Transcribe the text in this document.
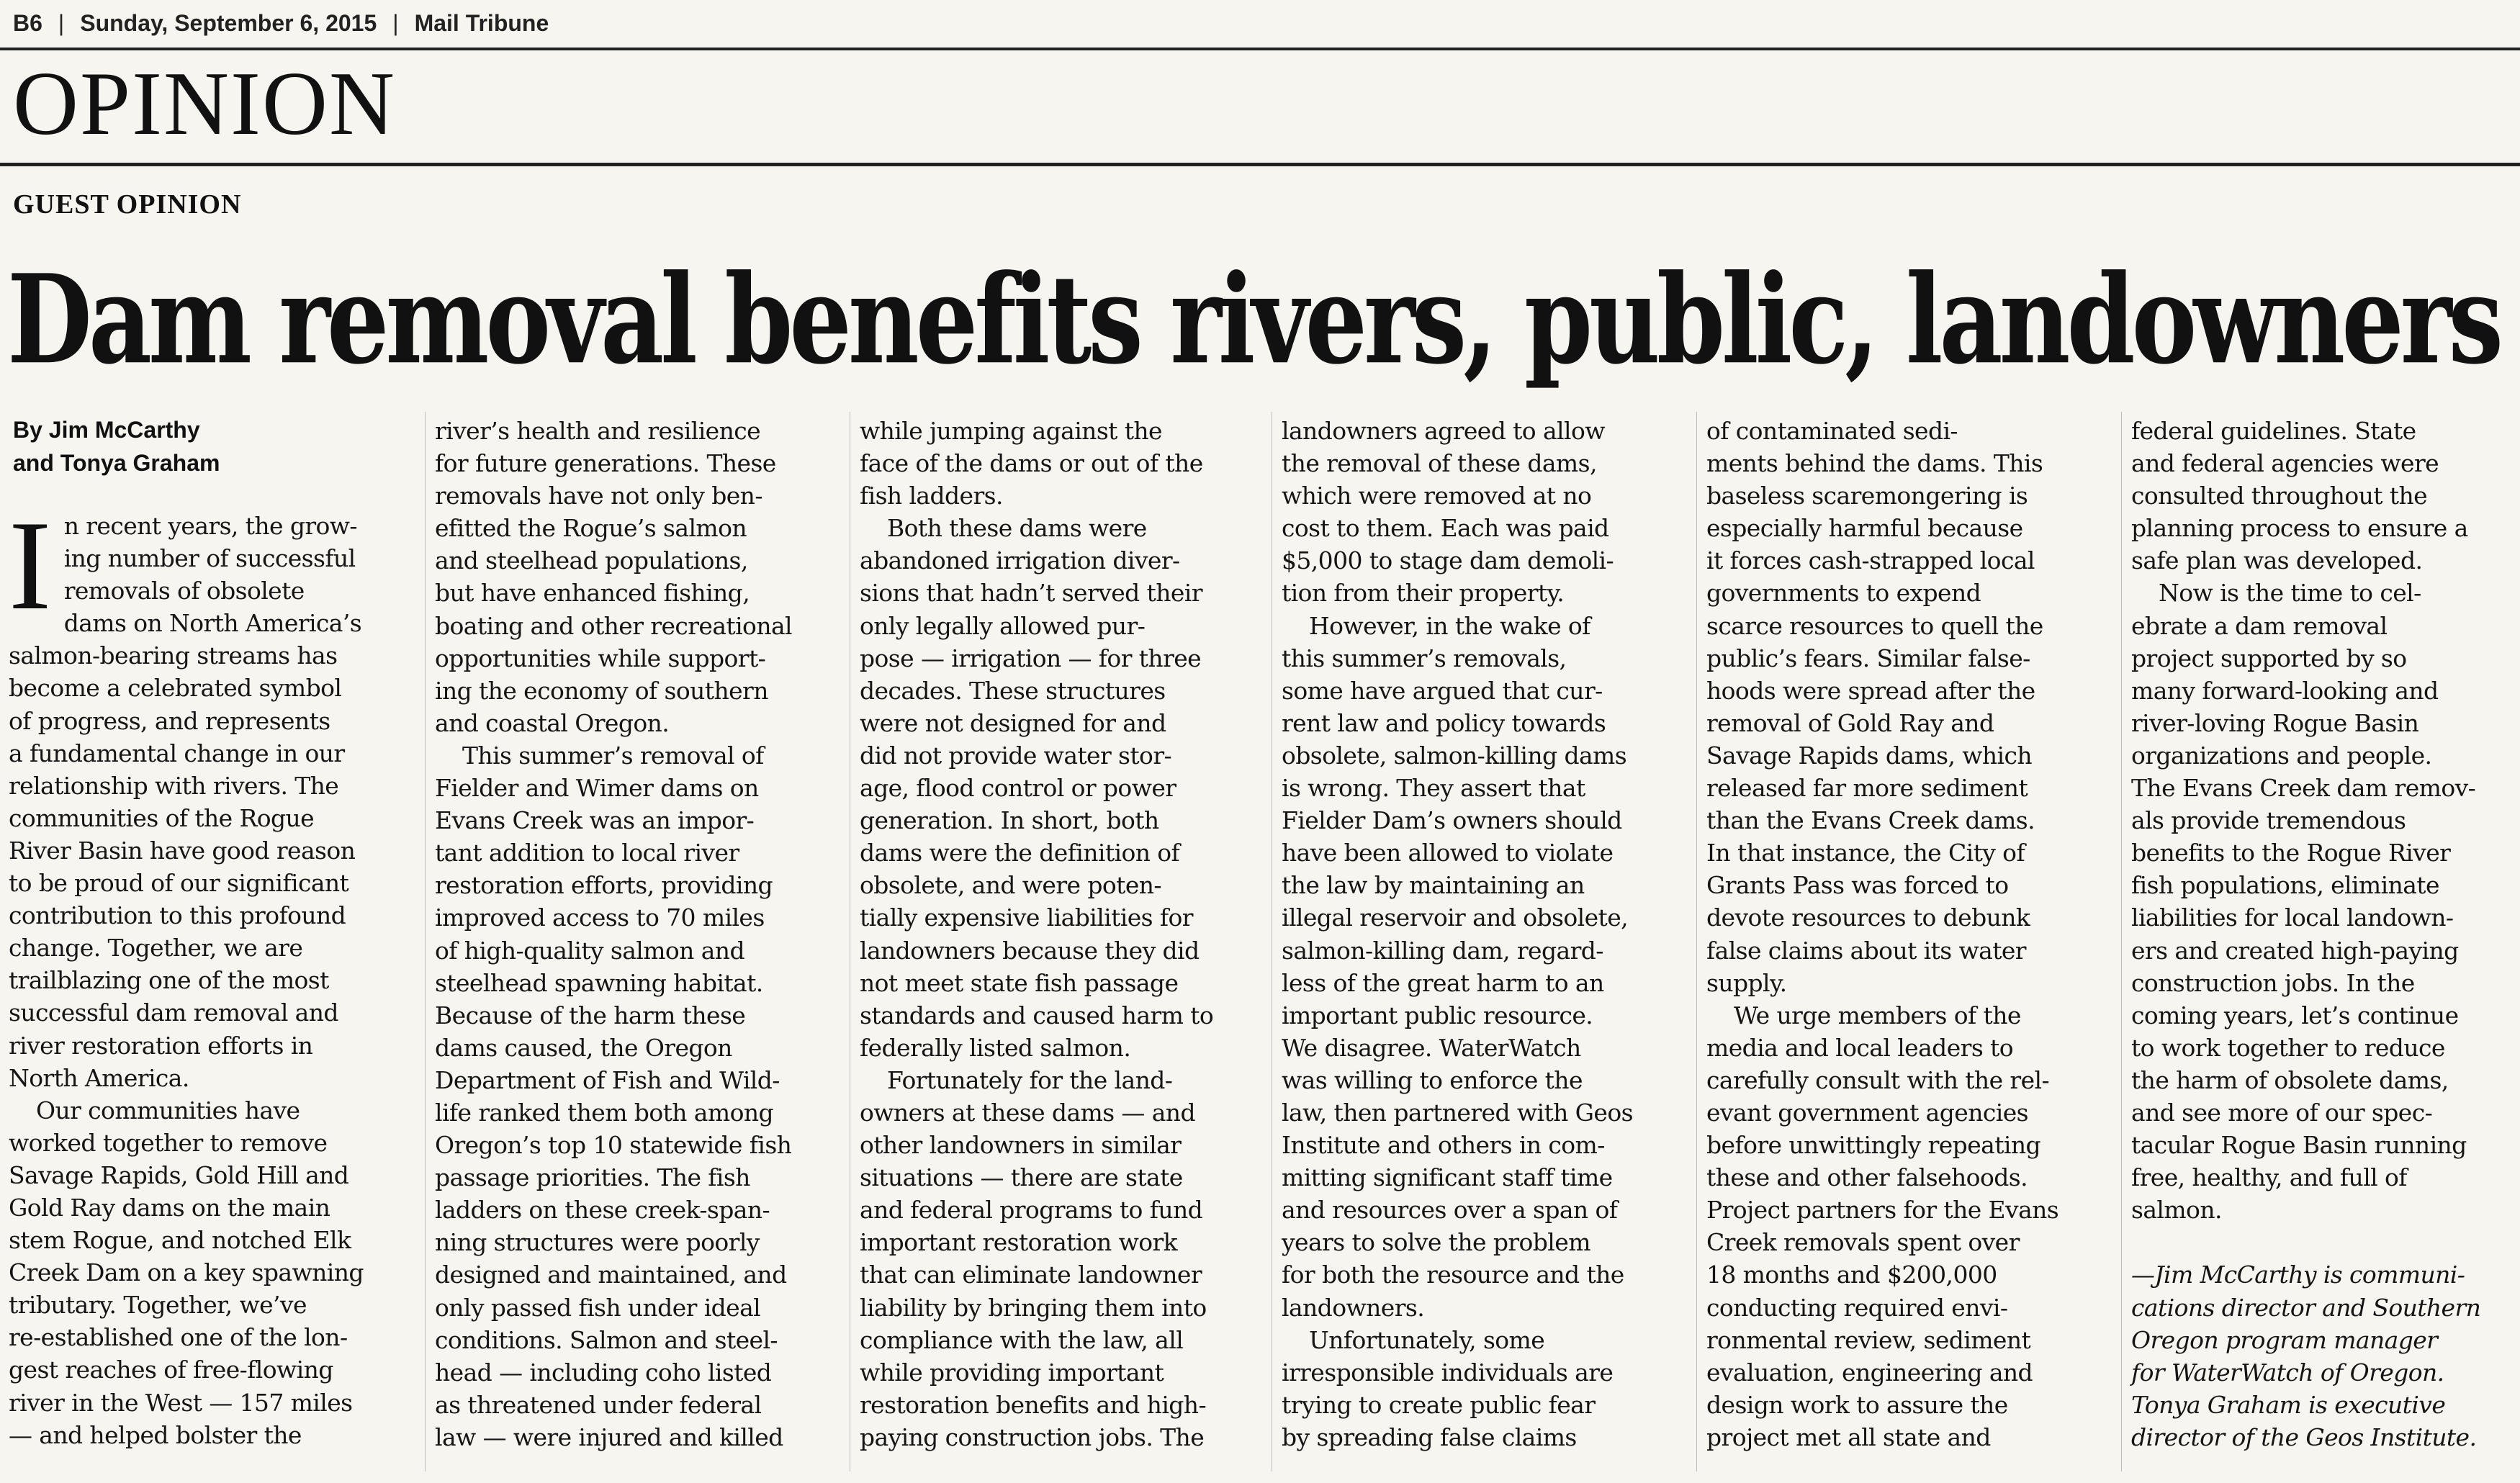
B6 | Sunday, September 6, 2015 | Mail Tribune
OPINION
GUEST OPINION
Dam removal benefits rivers, public, landowners
By Jim McCarthy
and Tonya Graham
I n recent years, the grow-
ing number of successful
removals of obsolete
dams on North America’s
salmon-bearing streams has
become a celebrated symbol
of progress, and represents
a fundamental change in our
relationship with rivers. The
communities of the Rogue
River Basin have good reason
to be proud of our significant
contribution to this profound
change. Together, we are
trailblazing one of the most
successful dam removal and
river restoration efforts in
North America.
Our communities have
worked together to remove
Savage Rapids, Gold Hill and
Gold Ray dams on the main
stem Rogue, and notched Elk
Creek Dam on a key spawning
tributary. Together, we’ve
re-established one of the lon-
gest reaches of free-flowing
river in the West — 157 miles
— and helped bolster the
river’s health and resilience
for future generations. These
removals have not only ben-
efitted the Rogue’s salmon
and steelhead populations,
but have enhanced fishing,
boating and other recreational
opportunities while support-
ing the economy of southern
and coastal Oregon.
This summer’s removal of
Fielder and Wimer dams on
Evans Creek was an impor-
tant addition to local river
restoration efforts, providing
improved access to 70 miles
of high-quality salmon and
steelhead spawning habitat.
Because of the harm these
dams caused, the Oregon
Department of Fish and Wild-
life ranked them both among
Oregon’s top 10 statewide fish
passage priorities. The fish
ladders on these creek-span-
ning structures were poorly
designed and maintained, and
only passed fish under ideal
conditions. Salmon and steel-
head — including coho listed
as threatened under federal
law — were injured and killed
while jumping against the
face of the dams or out of the
fish ladders.
Both these dams were
abandoned irrigation diver-
sions that hadn’t served their
only legally allowed pur-
pose — irrigation — for three
decades. These structures
were not designed for and
did not provide water stor-
age, flood control or power
generation. In short, both
dams were the definition of
obsolete, and were poten-
tially expensive liabilities for
landowners because they did
not meet state fish passage
standards and caused harm to
federally listed salmon.
Fortunately for the land-
owners at these dams — and
other landowners in similar
situations — there are state
and federal programs to fund
important restoration work
that can eliminate landowner
liability by bringing them into
compliance with the law, all
while providing important
restoration benefits and high-
paying construction jobs. The
landowners agreed to allow
the removal of these dams,
which were removed at no
cost to them. Each was paid
$5,000 to stage dam demoli-
tion from their property.
However, in the wake of
this summer’s removals,
some have argued that cur-
rent law and policy towards
obsolete, salmon-killing dams
is wrong. They assert that
Fielder Dam’s owners should
have been allowed to violate
the law by maintaining an
illegal reservoir and obsolete,
salmon-killing dam, regard-
less of the great harm to an
important public resource.
We disagree. WaterWatch
was willing to enforce the
law, then partnered with Geos
Institute and others in com-
mitting significant staff time
and resources over a span of
years to solve the problem
for both the resource and the
landowners.
Unfortunately, some
irresponsible individuals are
trying to create public fear
by spreading false claims
of contaminated sedi-
ments behind the dams. This
baseless scaremongering is
especially harmful because
it forces cash-strapped local
governments to expend
scarce resources to quell the
public’s fears. Similar false-
hoods were spread after the
removal of Gold Ray and
Savage Rapids dams, which
released far more sediment
than the Evans Creek dams.
In that instance, the City of
Grants Pass was forced to
devote resources to debunk
false claims about its water
supply.
We urge members of the
media and local leaders to
carefully consult with the rel-
evant government agencies
before unwittingly repeating
these and other falsehoods.
Project partners for the Evans
Creek removals spent over
18 months and $200,000
conducting required envi-
ronmental review, sediment
evaluation, engineering and
design work to assure the
project met all state and
federal guidelines. State
and federal agencies were
consulted throughout the
planning process to ensure a
safe plan was developed.
Now is the time to cel-
ebrate a dam removal
project supported by so
many forward-looking and
river-loving Rogue Basin
organizations and people.
The Evans Creek dam remov-
als provide tremendous
benefits to the Rogue River
fish populations, eliminate
liabilities for local landown-
ers and created high-paying
construction jobs. In the
coming years, let’s continue
to work together to reduce
the harm of obsolete dams,
and see more of our spec-
tacular Rogue Basin running
free, healthy, and full of
salmon.

—Jim McCarthy is communi-
cations director and Southern
Oregon program manager
for WaterWatch of Oregon.
Tonya Graham is executive
director of the Geos Institute.
